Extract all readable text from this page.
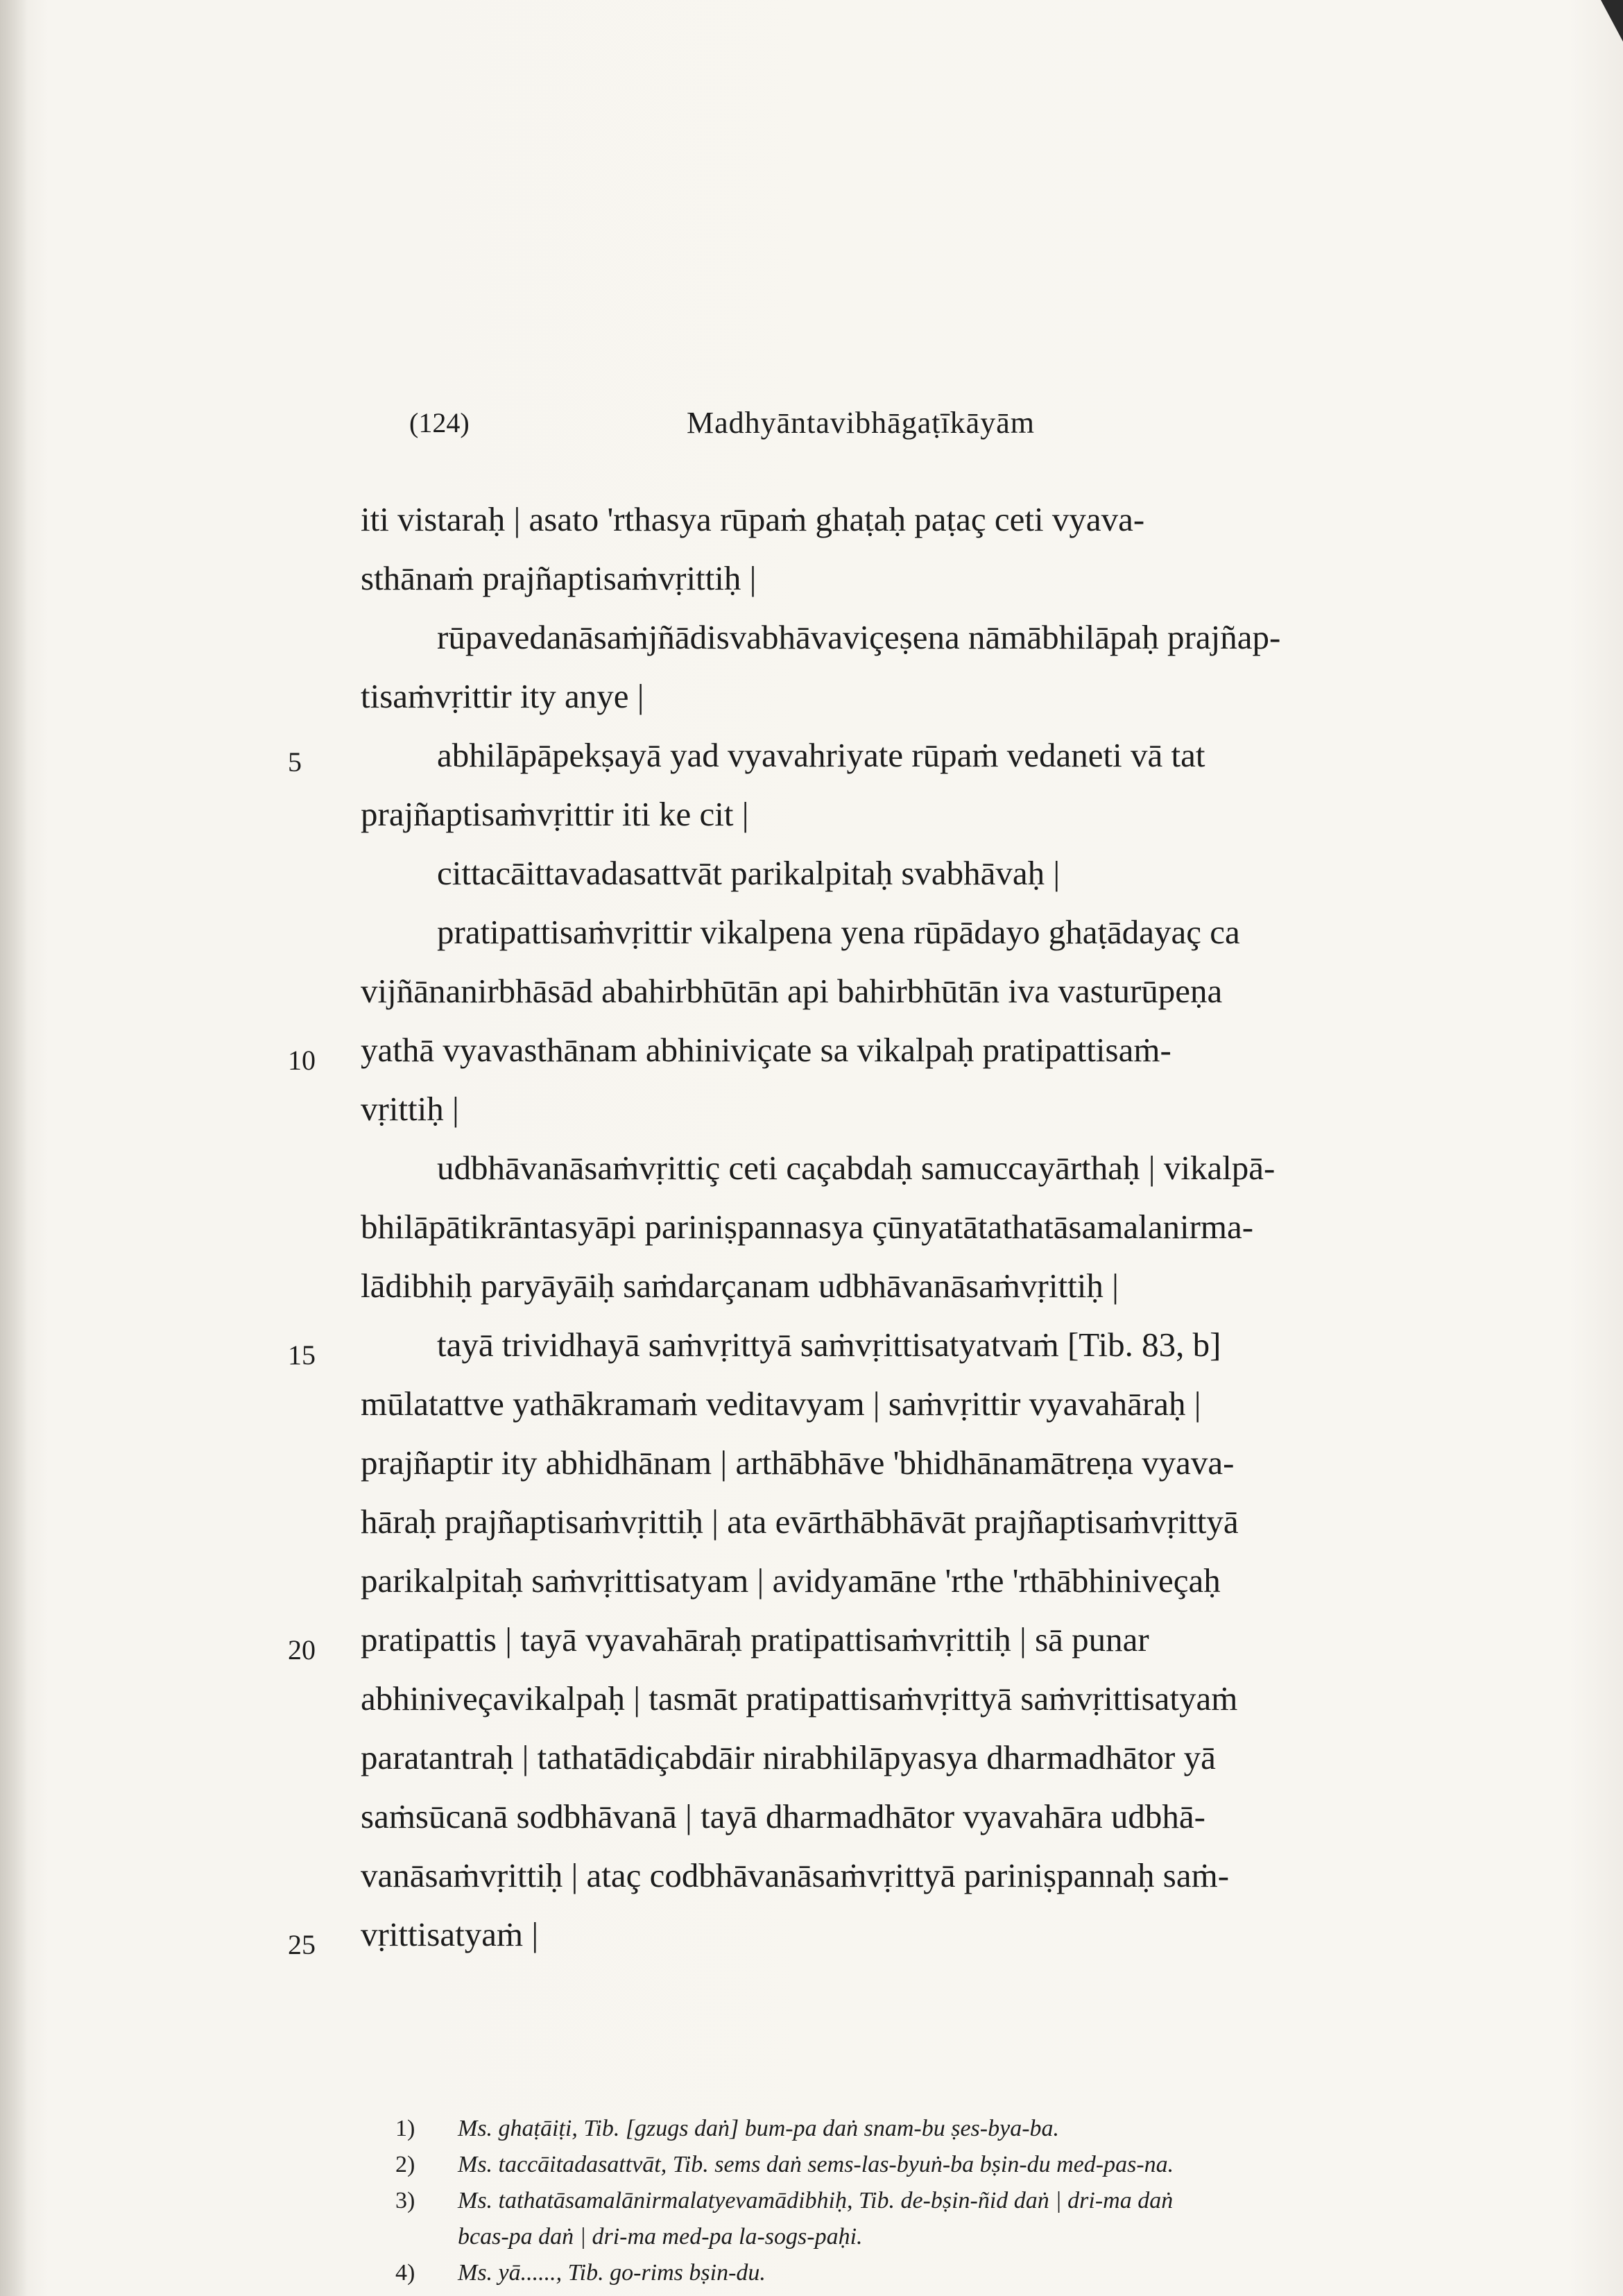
(124)	Madhyāntavibhāgaṭīkāyām
iti vistaraḥ | asato 'rthasya rūpaṁ ghaṭaḥ paṭaç ceti vyava-
sthānaṁ prajñaptisaṁvṛittiḥ |
rūpavedanāsaṁjñādisvabhāvaviçeṣena nāmābhilāpaḥ prajñap-
tisaṁvṛittir ity anye |
abhilāpāpekṣayā yad vyavahriyate rūpaṁ vedaneti vā tat
prajñaptisaṁvṛittir iti ke cit |
cittacāittavadasattvāt parikalpitaḥ svabhāvaḥ |
pratipattisaṁvṛittir vikalpena yena rūpādayo ghaṭādayaç ca
vijñānanirbhāsād abahirbhūtān api bahirbhūtān iva vasturūpeṇa
yathā vyavasthānam abhiniviçate sa vikalpaḥ pratipattisaṁ-
vṛittiḥ |
udbhāvanāsaṁvṛittiç ceti caçabdaḥ samuccayārthaḥ | vikalpā-
bhilāpātikrāntasyāpi pariniṣpannasya çūnyatātathatāsamalanirma-
lādibhiḥ paryāyāiḥ saṁdarçanam udbhāvanāsaṁvṛittiḥ |
tayā trividhayā saṁvṛittyā saṁvṛittisatyatvaṁ [Tib. 83, b]
mūlatattve yathākramaṁ veditavyam | saṁvṛittir vyavahāraḥ |
prajñaptir ity abhidhānam | arthābhāve 'bhidhānamātreṇa vyava-
hāraḥ prajñaptisaṁvṛittiḥ | ata evārthābhāvāt prajñaptisaṁvṛittyā
parikalpitaḥ saṁvṛittisatyam | avidyamāne 'rthe 'rthābhiniveçaḥ
pratipattis | tayā vyavahāraḥ pratipattisaṁvṛittiḥ | sā punar
abhiniveçavikalpaḥ | tasmāt pratipattisaṁvṛittyā saṁvṛittisatyaṁ
paratantraḥ | tathatādiçabdāir nirabhilāpyasya dharmadhātor yā
saṁsūcanā sodbhāvanā | tayā dharmadhātor vyavahāra udbhā-
vanāsaṁvṛittiḥ | ataç codbhāvanāsaṁvṛittyā pariniṣpannaḥ saṁ-
vṛittisatyaṁ |
5
10
15
20
25
1)	Ms. ghaṭāiṭi, Tib. [gzugs daṅ] bum-pa daṅ snam-bu ṣes-bya-ba.
2)	Ms. taccāitadasattvāt, Tib. sems daṅ sems-las-byuṅ-ba bṣin-du med-pas-na.
3)	Ms. tathatāsamalānirmalatyevamādibhiḥ, Tib. de-bṣin-ñid daṅ | dri-ma daṅ
bcas-pa daṅ | dri-ma med-pa la-sogs-paḥi.
4)	Ms. yā......, Tib. go-rims bṣin-du.
